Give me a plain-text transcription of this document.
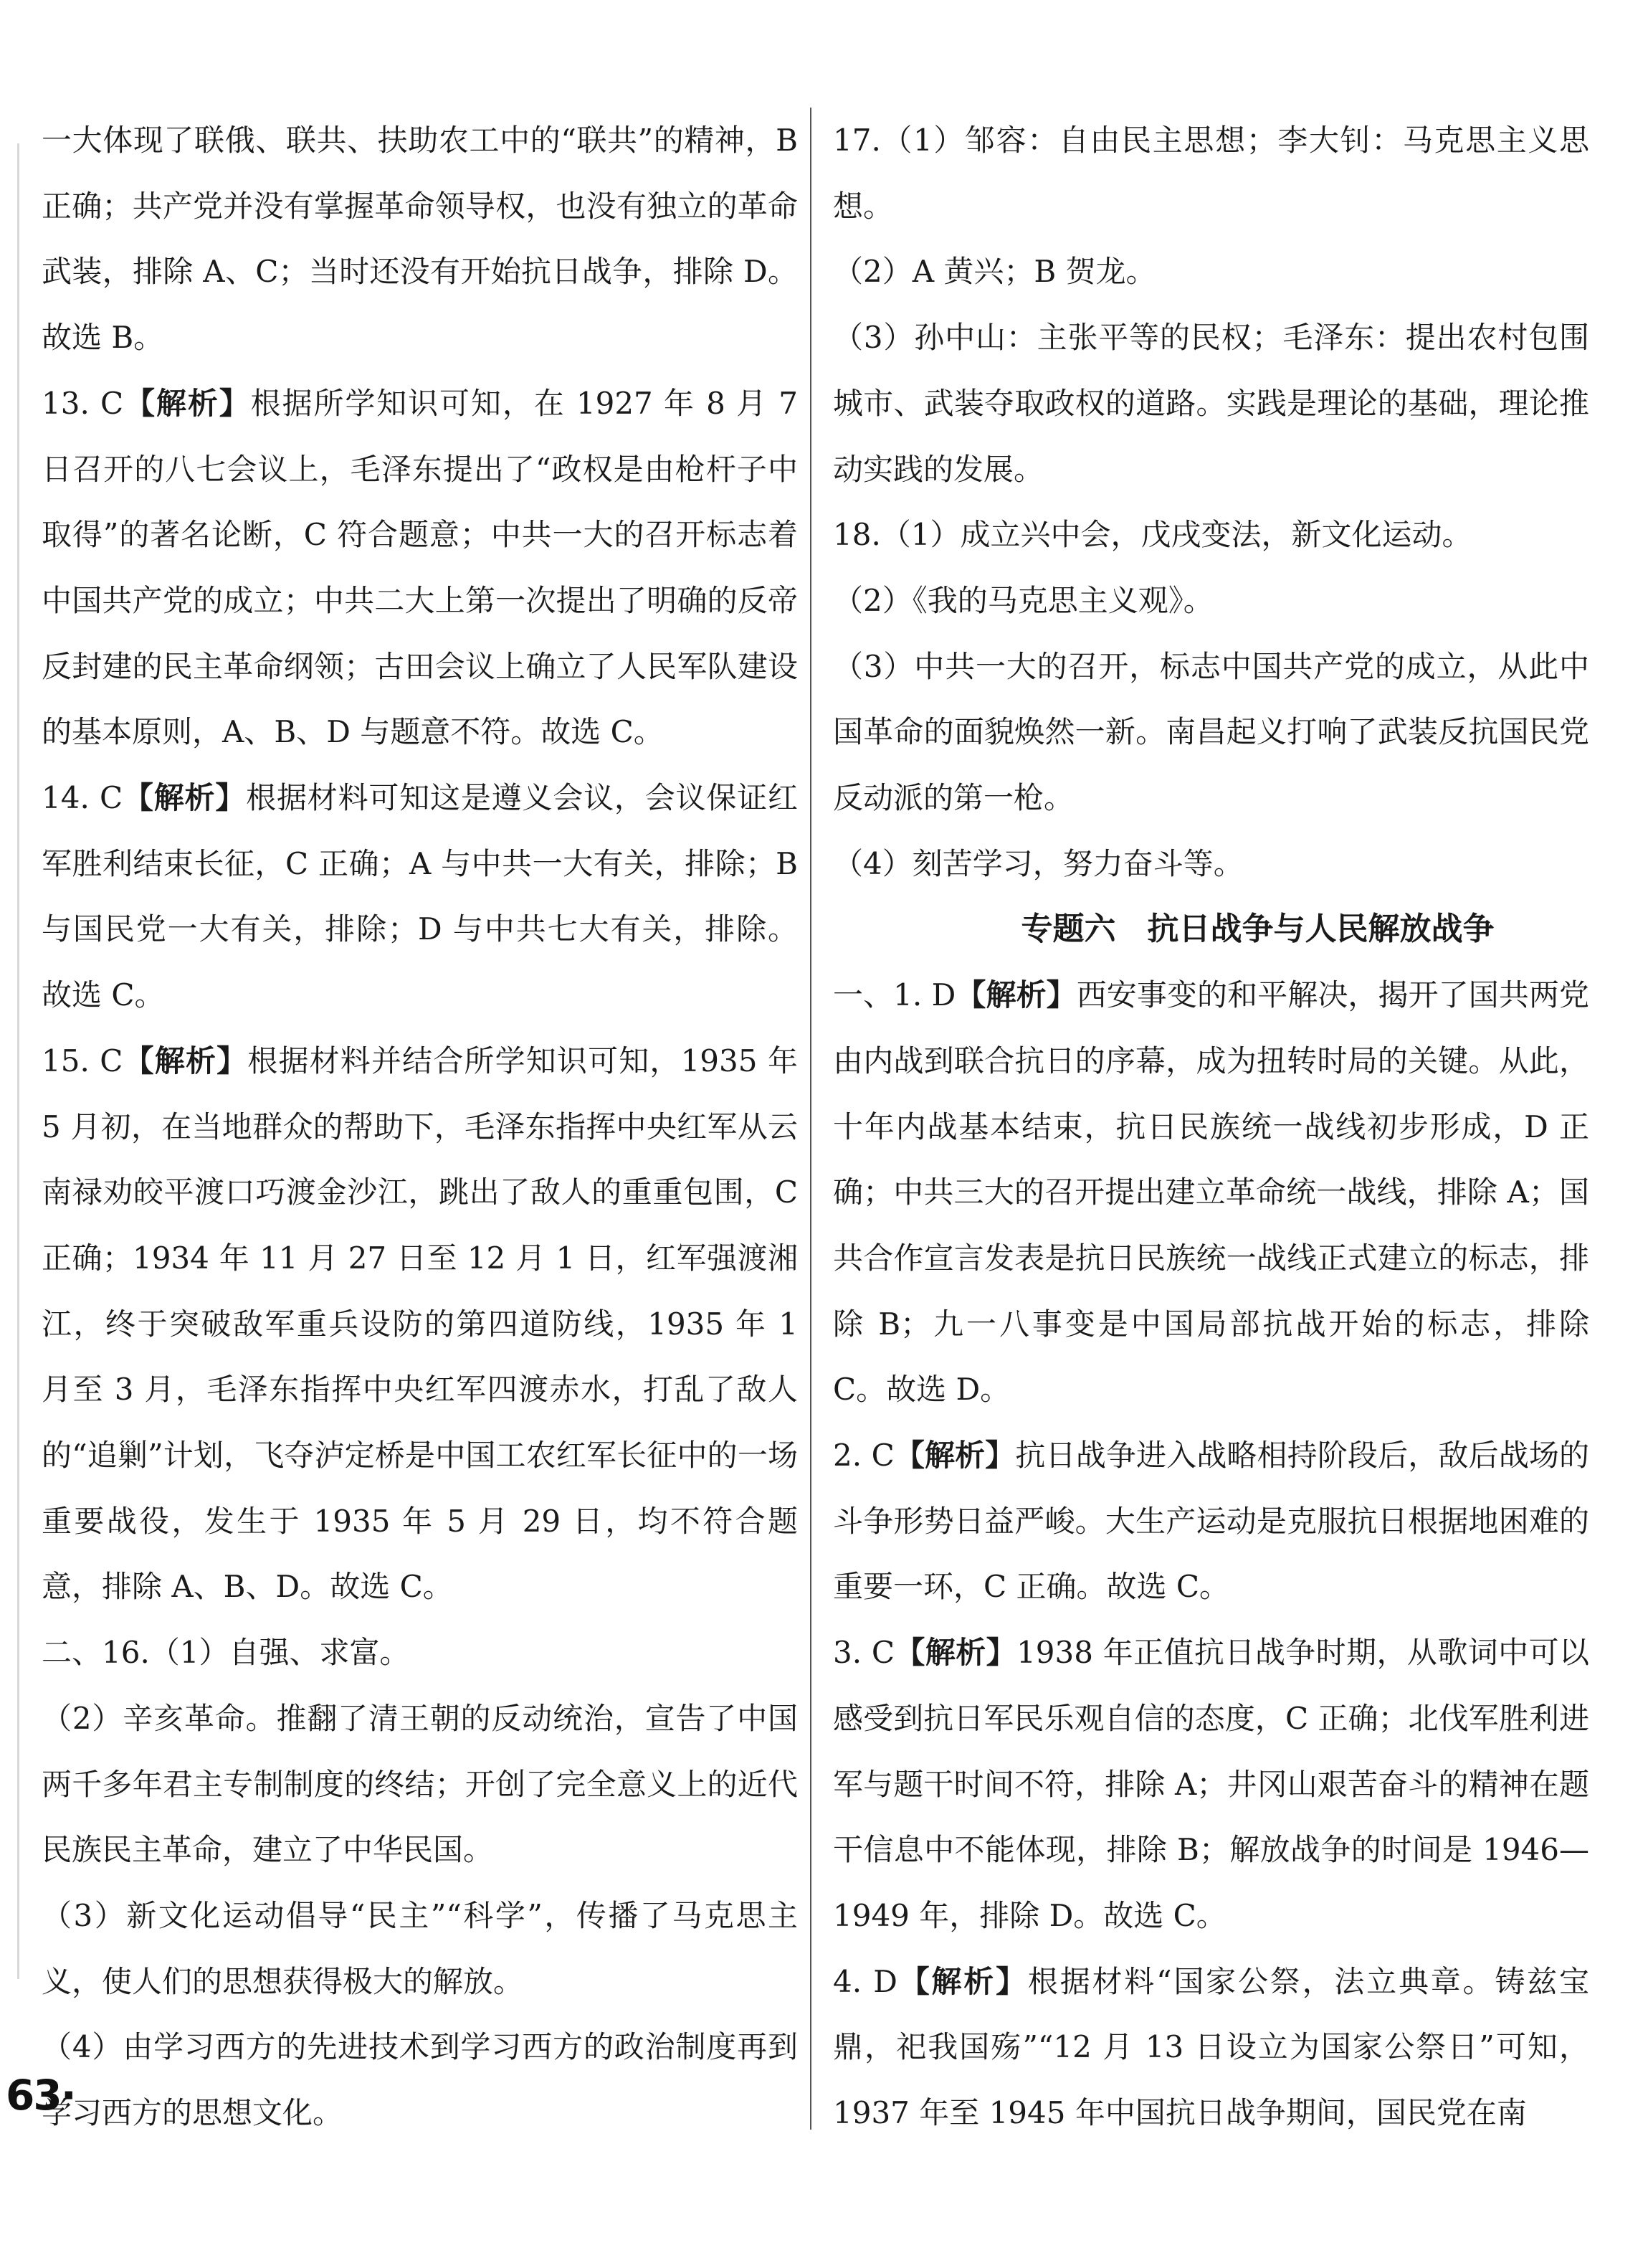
一大体现了联俄、联共、扶助农工中的“联共”的精神，B 正确；共产党并没有掌握革命领导权，也没有独立的革命武装，排除 A、C；当时还没有开始抗日战争，排除 D。故选 B。

13. C【解析】根据所学知识可知，在 1927 年 8 月 7 日召开的八七会议上，毛泽东提出了“政权是由枪杆子中取得”的著名论断，C 符合题意；中共一大的召开标志着中国共产党的成立；中共二大上第一次提出了明确的反帝反封建的民主革命纲领；古田会议上确立了人民军队建设的基本原则，A、B、D 与题意不符。故选 C。

14. C【解析】根据材料可知这是遵义会议，会议保证红军胜利结束长征，C 正确；A 与中共一大有关，排除；B 与国民党一大有关，排除；D 与中共七大有关，排除。故选 C。

15. C【解析】根据材料并结合所学知识可知，1935 年 5 月初，在当地群众的帮助下，毛泽东指挥中央红军从云南禄劝皎平渡口巧渡金沙江，跳出了敌人的重重包围，C 正确；1934 年 11 月 27 日至 12 月 1 日，红军强渡湘江，终于突破敌军重兵设防的第四道防线，1935 年 1 月至 3 月，毛泽东指挥中央红军四渡赤水，打乱了敌人的“追剿”计划，飞夺泸定桥是中国工农红军长征中的一场重要战役，发生于 1935 年 5 月 29 日，均不符合题意，排除 A、B、D。故选 C。

二、16.（1）自强、求富。

（2）辛亥革命。推翻了清王朝的反动统治，宣告了中国两千多年君主专制制度的终结；开创了完全意义上的近代民族民主革命，建立了中华民国。

（3）新文化运动倡导“民主”“科学”，传播了马克思主义，使人们的思想获得极大的解放。

（4）由学习西方的先进技术到学习西方的政治制度再到学习西方的思想文化。

17.（1）邹容：自由民主思想；李大钊：马克思主义思想。

（2）A 黄兴；B 贺龙。

（3）孙中山：主张平等的民权；毛泽东：提出农村包围城市、武装夺取政权的道路。实践是理论的基础，理论推动实践的发展。

18.（1）成立兴中会，戊戌变法，新文化运动。

（2）《我的马克思主义观》。

（3）中共一大的召开，标志中国共产党的成立，从此中国革命的面貌焕然一新。南昌起义打响了武装反抗国民党反动派的第一枪。

（4）刻苦学习，努力奋斗等。

专题六　抗日战争与人民解放战争

一、1. D【解析】西安事变的和平解决，揭开了国共两党由内战到联合抗日的序幕，成为扭转时局的关键。从此，十年内战基本结束，抗日民族统一战线初步形成，D 正确；中共三大的召开提出建立革命统一战线，排除 A；国共合作宣言发表是抗日民族统一战线正式建立的标志，排除 B；九一八事变是中国局部抗战开始的标志，排除 C。故选 D。

2. C【解析】抗日战争进入战略相持阶段后，敌后战场的斗争形势日益严峻。大生产运动是克服抗日根据地困难的重要一环，C 正确。故选 C。

3. C【解析】1938 年正值抗日战争时期，从歌词中可以感受到抗日军民乐观自信的态度，C 正确；北伐军胜利进军与题干时间不符，排除 A；井冈山艰苦奋斗的精神在题干信息中不能体现，排除 B；解放战争的时间是 1946—1949 年，排除 D。故选 C。

4. D【解析】根据材料“国家公祭，法立典章。铸兹宝鼎，祀我国殇”“12 月 13 日设立为国家公祭日”可知，1937 年至 1945 年中国抗日战争期间，国民党在南

63·
